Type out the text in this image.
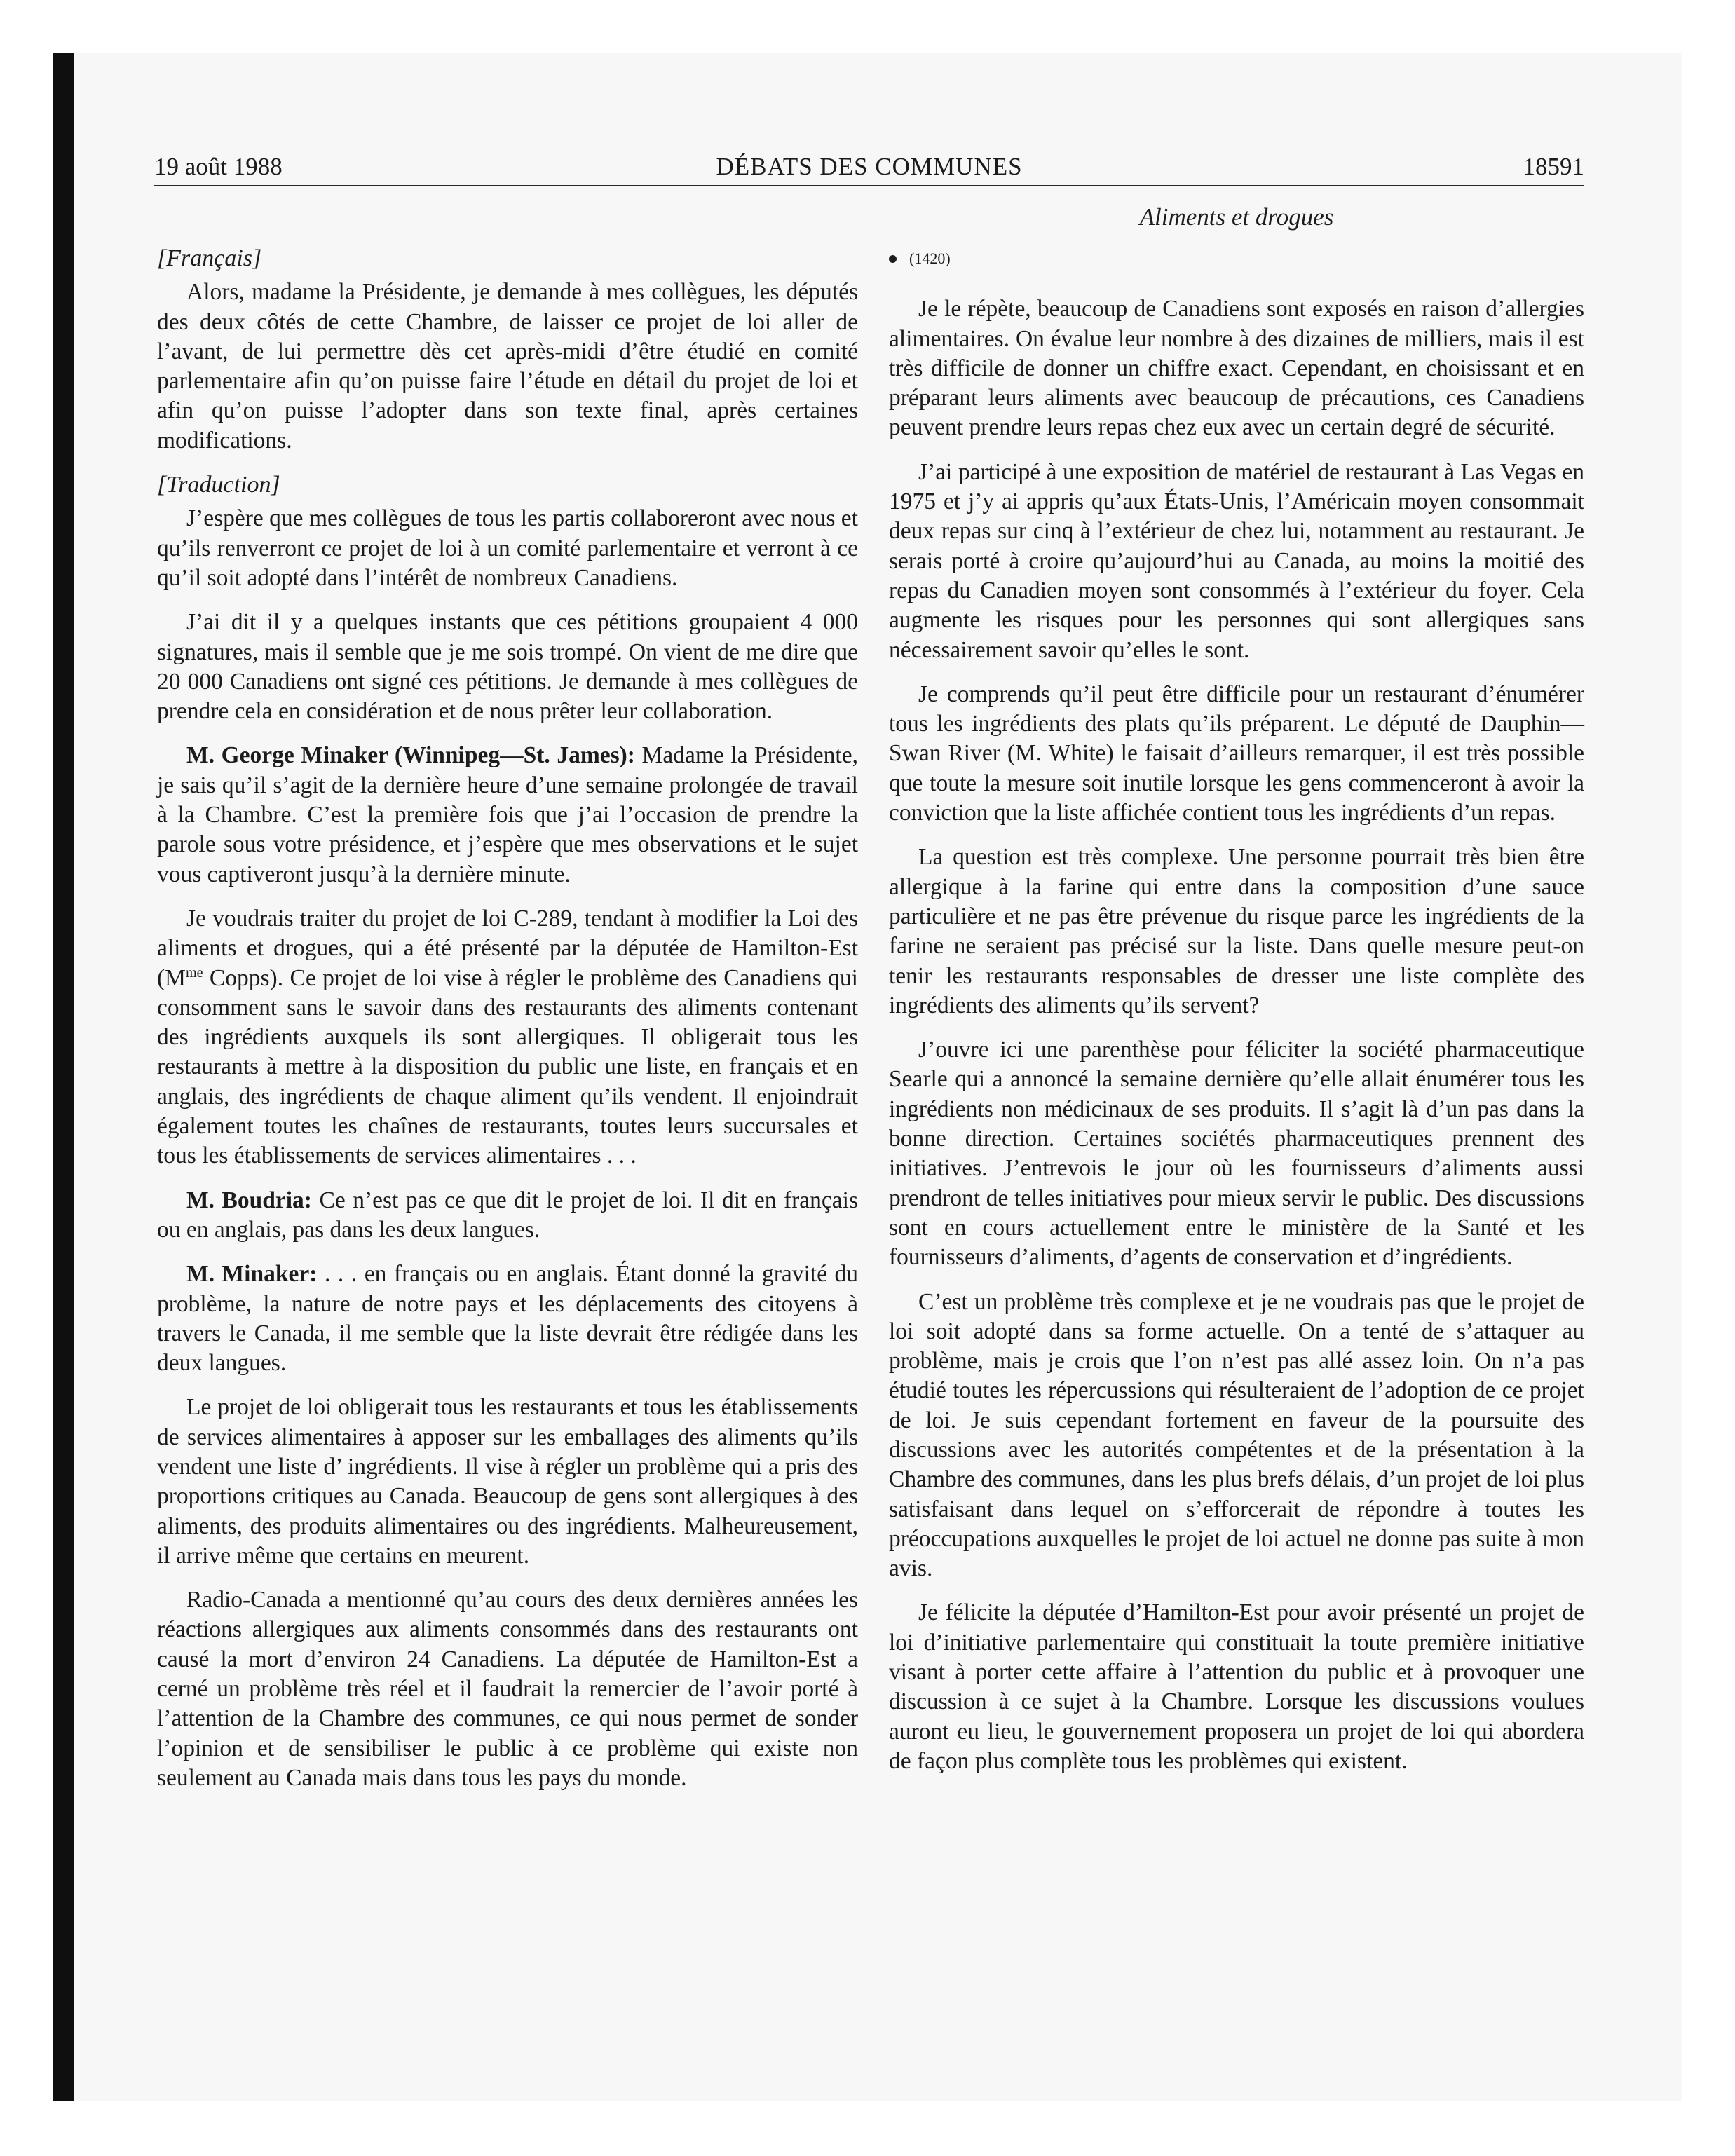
19 août 1988	DÉBATS DES COMMUNES	18591
Aliments et drogues
[Français]

Alors, madame la Présidente, je demande à mes collègues, les députés des deux côtés de cette Chambre, de laisser ce projet de loi aller de l’avant, de lui permettre dès cet après-midi d’être étudié en comité parlementaire afin qu’on puisse faire l’étude en détail du projet de loi et afin qu’on puisse l’adopter dans son texte final, après certaines modifications.

[Traduction]

J’espère que mes collègues de tous les partis collaboreront avec nous et qu’ils renverront ce projet de loi à un comité parlementaire et verront à ce qu’il soit adopté dans l’intérêt de nombreux Canadiens.

J’ai dit il y a quelques instants que ces pétitions groupaient 4 000 signatures, mais il semble que je me sois trompé. On vient de me dire que 20 000 Canadiens ont signé ces pétitions. Je demande à mes collègues de prendre cela en considération et de nous prêter leur collaboration.

M. George Minaker (Winnipeg—St. James): Madame la Présidente, je sais qu’il s’agit de la dernière heure d’une semaine prolongée de travail à la Chambre. C’est la première fois que j’ai l’occasion de prendre la parole sous votre présidence, et j’espère que mes observations et le sujet vous captiveront jusqu’à la dernière minute.

Je voudrais traiter du projet de loi C-289, tendant à modifier la Loi des aliments et drogues, qui a été présenté par la députée de Hamilton-Est ($M^{me}$ Copps). Ce projet de loi vise à régler le problème des Canadiens qui consomment sans le savoir dans des restaurants des aliments contenant des ingrédients auxquels ils sont allergiques. Il obligerait tous les restaurants à mettre à la disposition du public une liste, en français et en anglais, des ingrédients de chaque aliment qu’ils vendent. Il enjoindrait également toutes les chaînes de restaurants, toutes leurs succursales et tous les établissements de services alimentaires . . .

M. Boudria: Ce n’est pas ce que dit le projet de loi. Il dit en français ou en anglais, pas dans les deux langues.

M. Minaker: . . . en français ou en anglais. Étant donné la gravité du problème, la nature de notre pays et les déplacements des citoyens à travers le Canada, il me semble que la liste devrait être rédigée dans les deux langues.

Le projet de loi obligerait tous les restaurants et tous les établissements de services alimentaires à apposer sur les emballages des aliments qu’ils vendent une liste d’ ingrédients. Il vise à régler un problème qui a pris des proportions critiques au Canada. Beaucoup de gens sont allergiques à des aliments, des produits alimentaires ou des ingrédients. Malheureusement, il arrive même que certains en meurent.

Radio-Canada a mentionné qu’au cours des deux dernières années les réactions allergiques aux aliments consommés dans des restaurants ont causé la mort d’environ 24 Canadiens. La députée de Hamilton-Est a cerné un problème très réel et il faudrait la remercier de l’avoir porté à l’attention de la Chambre des communes, ce qui nous permet de sonder l’opinion et de sensibiliser le public à ce problème qui existe non seulement au Canada mais dans tous les pays du monde.

(1420)

Je le répète, beaucoup de Canadiens sont exposés en raison d’allergies alimentaires. On évalue leur nombre à des dizaines de milliers, mais il est très difficile de donner un chiffre exact. Cependant, en choisissant et en préparant leurs aliments avec beaucoup de précautions, ces Canadiens peuvent prendre leurs repas chez eux avec un certain degré de sécurité.

J’ai participé à une exposition de matériel de restaurant à Las Vegas en 1975 et j’y ai appris qu’aux États-Unis, l’Américain moyen consommait deux repas sur cinq à l’extérieur de chez lui, notamment au restaurant. Je serais porté à croire qu’aujourd’hui au Canada, au moins la moitié des repas du Canadien moyen sont consommés à l’extérieur du foyer. Cela augmente les risques pour les personnes qui sont allergiques sans nécessairement savoir qu’elles le sont.

Je comprends qu’il peut être difficile pour un restaurant d’énumérer tous les ingrédients des plats qu’ils préparent. Le député de Dauphin—Swan River (M. White) le faisait d’ailleurs remarquer, il est très possible que toute la mesure soit inutile lorsque les gens commenceront à avoir la conviction que la liste affichée contient tous les ingrédients d’un repas.

La question est très complexe. Une personne pourrait très bien être allergique à la farine qui entre dans la composition d’une sauce particulière et ne pas être prévenue du risque parce les ingrédients de la farine ne seraient pas précisé sur la liste. Dans quelle mesure peut-on tenir les restaurants responsables de dresser une liste complète des ingrédients des aliments qu’ils servent?

J’ouvre ici une parenthèse pour féliciter la société pharmaceutique Searle qui a annoncé la semaine dernière qu’elle allait énumérer tous les ingrédients non médicinaux de ses produits. Il s’agit là d’un pas dans la bonne direction. Certaines sociétés pharmaceutiques prennent des initiatives. J’entrevois le jour où les fournisseurs d’aliments aussi prendront de telles initiatives pour mieux servir le public. Des discussions sont en cours actuellement entre le ministère de la Santé et les fournisseurs d’aliments, d’agents de conservation et d’ingrédients.

C’est un problème très complexe et je ne voudrais pas que le projet de loi soit adopté dans sa forme actuelle. On a tenté de s’attaquer au problème, mais je crois que l’on n’est pas allé assez loin. On n’a pas étudié toutes les répercussions qui résulteraient de l’adoption de ce projet de loi. Je suis cependant fortement en faveur de la poursuite des discussions avec les autorités compétentes et de la présentation à la Chambre des communes, dans les plus brefs délais, d’un projet de loi plus satisfaisant dans lequel on s’efforcerait de répondre à toutes les préoccupations auxquelles le projet de loi actuel ne donne pas suite à mon avis.

Je félicite la députée d’Hamilton-Est pour avoir présenté un projet de loi d’initiative parlementaire qui constituait la toute première initiative visant à porter cette affaire à l’attention du public et à provoquer une discussion à ce sujet à la Chambre. Lorsque les discussions voulues auront eu lieu, le gouvernement proposera un projet de loi qui abordera de façon plus complète tous les problèmes qui existent.
